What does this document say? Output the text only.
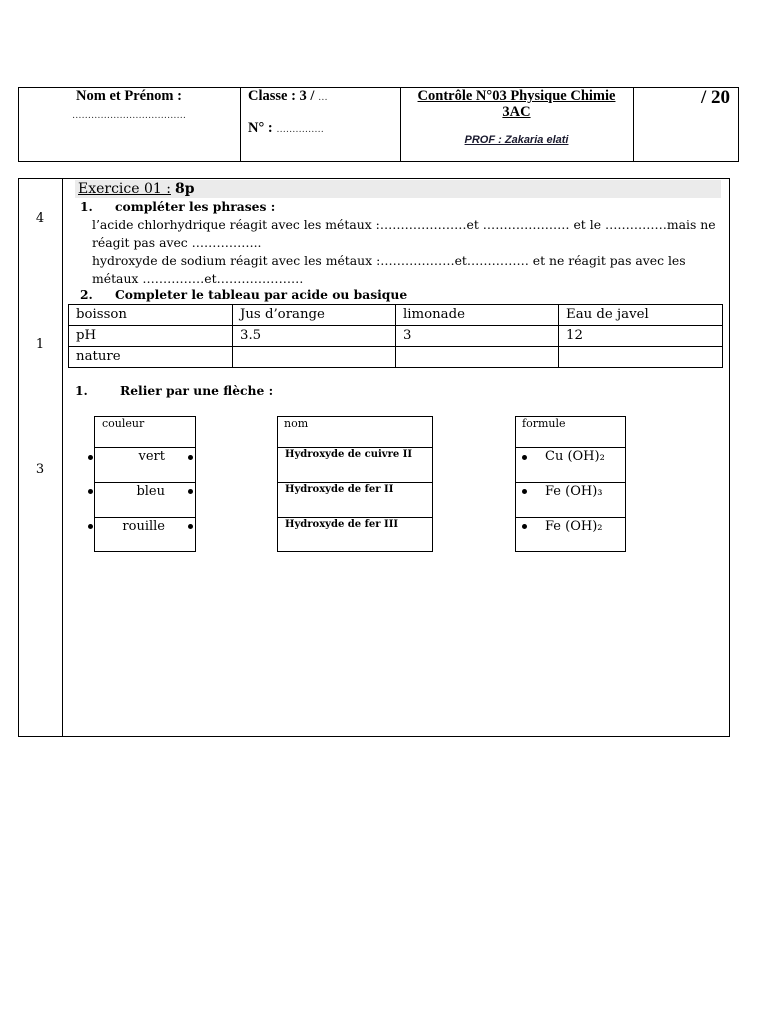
Nom et Prénom :
………………………………
Classe : 3 / …
N° : ……………
Contrôle N°03 Physique Chimie 3AC
PROF : Zakaria elati
/ 20
4
1
3
Exercice 01 : 8p
1. compléter les phrases :
l’acide chlorhydrique réagit avec les métaux :…………………et ………………… et le ……………mais ne
réagit pas avec ……………..
hydroxyde de sodium réagit avec les métaux :………………et…………… et ne réagit pas avec les
métaux ……………et…………………
2. Completer le tableau par acide ou basique
boisson	Jus d’orange	limonade	Eau de javel
pH	3.5	3	12
nature			
1.	Relier par une flèche :
couleur
vert
bleu
rouille
nom
Hydroxyde de cuivre II
Hydroxyde de fer II
Hydroxyde de fer III
formule
Cu (OH)₂
Fe (OH)₃
Fe (OH)₂
